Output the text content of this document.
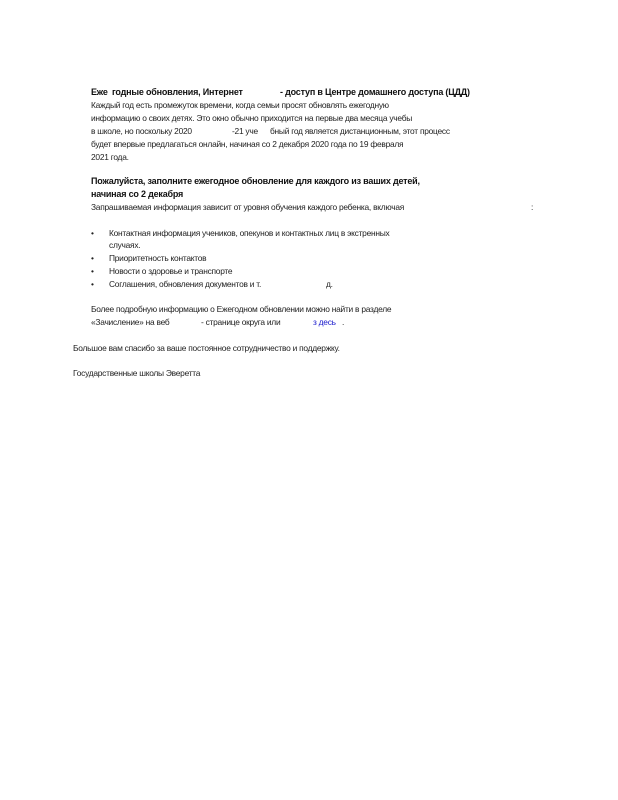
Еже годные обновления, Интернет	- доступ в Центре домашнего доступа (ЦДД)
Каждый год есть промежуток времени, когда семьи просят обновлять ежегодную
информацию о своих детях. Это окно обычно приходится на первые два месяца учебы
в школе, но поскольку 2020	-21 уче бный год является дистанционным, этот процесс
будет впервые предлагаться онлайн, начиная со 2 декабря 2020 года по 19 февраля
2021 года.
Пожалуйста, заполните ежегодное обновление для каждого из ваших детей,
начиная со 2 декабря
Запрашиваемая информация зависит от уровня обучения каждого ребенка, включая	:
• Контактная информация учеников, опекунов и контактных лиц в экстренных
случаях.
• Приоритетность контактов
• Новости о здоровье и транспорте
• Соглашения, обновления документов и т.	д.
Более подробную информацию о Ежегодном обновлении можно найти в разделе
«Зачисление» на веб	- странице округа или	з десь .
Большое вам спасибо за ваше постоянное сотрудничество и поддержку.
Государственные школы Эверетта
